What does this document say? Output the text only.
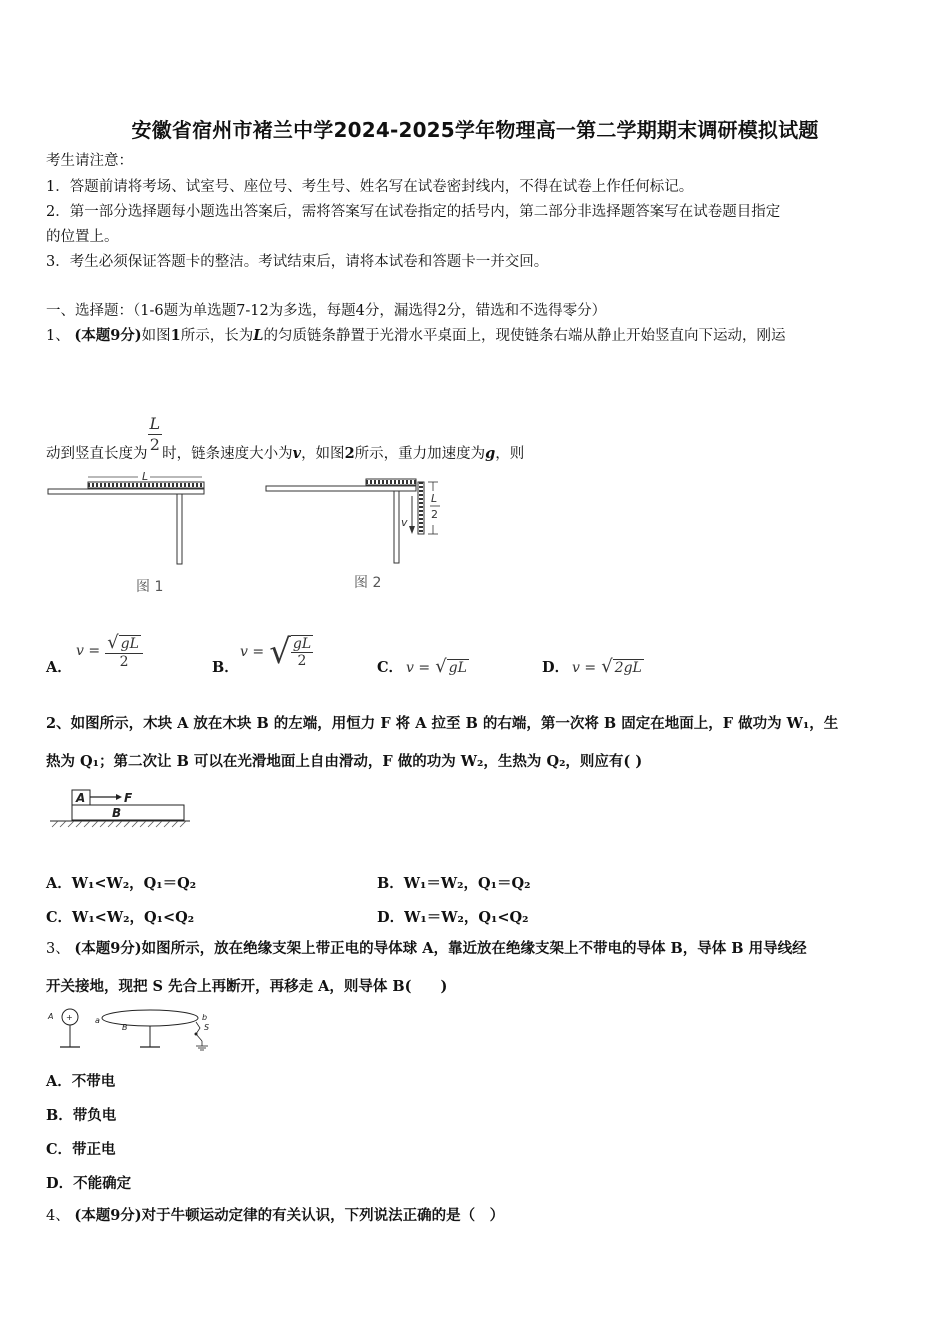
安徽省宿州市褚兰中学2024-2025学年物理高一第二学期期末调研模拟试题
考生请注意：
1．答题前请将考场、试室号、座位号、考生号、姓名写在试卷密封线内，不得在试卷上作任何标记。
2．第一部分选择题每小题选出答案后，需将答案写在试卷指定的括号内，第二部分非选择题答案写在试卷题目指定
的位置上。
3．考生必须保证答题卡的整洁。考试结束后，请将本试卷和答题卡一并交回。
一、选择题：（1-6题为单选题7-12为多选，每题4分，漏选得2分，错选和不选得零分）
1、 (本题9分)如图1所示，长为L的匀质链条静置于光滑水平桌面上，现使链条右端从静止开始竖直向下运动，刚运
动到竖直长度为 $\frac{L}{2}$ 时，链条速度大小为v，如图2所示，重力加速度为g，则
L
图 1
v
L
2
图 2
A．
$v = \frac{√ gL}{2}$	B．
v = √ $\frac{gL}{2}$	C． v = √ gL	D． v = √ 2gL
2、如图所示，木块 A 放在木块 B 的左端，用恒力 F 将 A 拉至 B 的右端，第一次将 B 固定在地面上，F 做功为 W₁，生
热为 Q₁；第二次让 B 可以在光滑地面上自由滑动，F 做的功为 W₂，生热为 Q₂，则应有( )
A	F
B
A．W₁<W₂，Q₁＝Q₂	B．W₁＝W₂，Q₁＝Q₂
C．W₁<W₂，Q₁<Q₂	D．W₁＝W₂，Q₁<Q₂
3、 (本题9分)如图所示，放在绝缘支架上带正电的导体球 A，靠近放在绝缘支架上不带电的导体 B，导体 B 用导线经
开关接地，现把 S 先合上再断开，再移走 A，则导体 B(　　)
A +	a
B
b
S
A．不带电
B．带负电
C．带正电
D．不能确定
4、 (本题9分)对于牛顿运动定律的有关认识，下列说法正确的是（　）
